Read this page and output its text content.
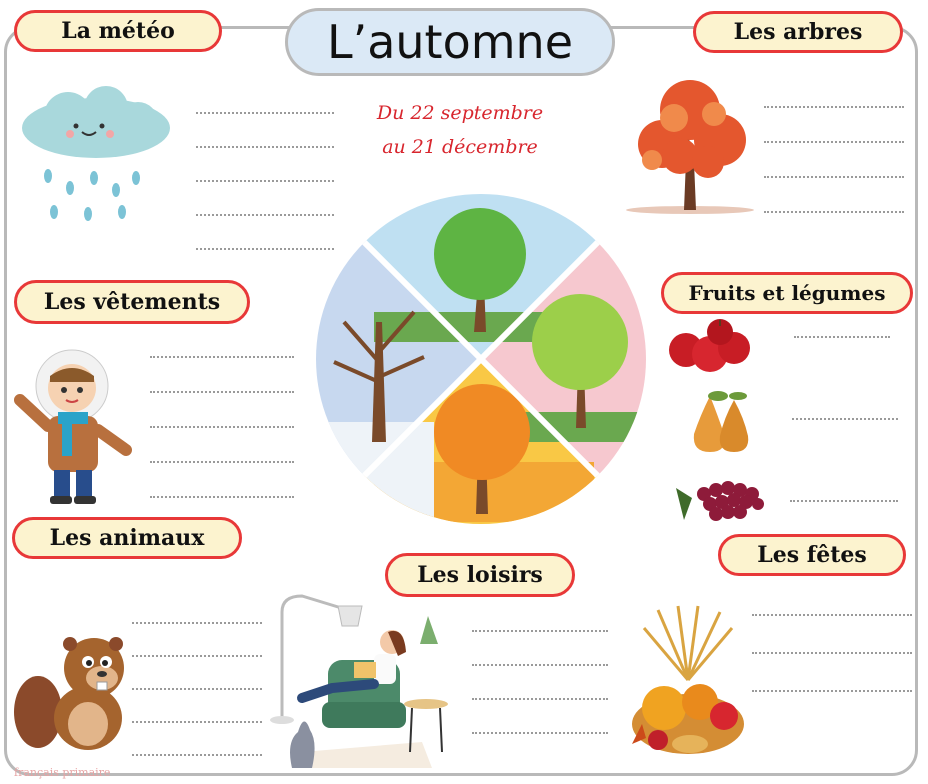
L’automne
Du 22 septembre
au 21 décembre
La météo	Les arbres
Les vêtements	Fruits et légumes
Les animaux
Les loisirs
Les fêtes
français primaire
